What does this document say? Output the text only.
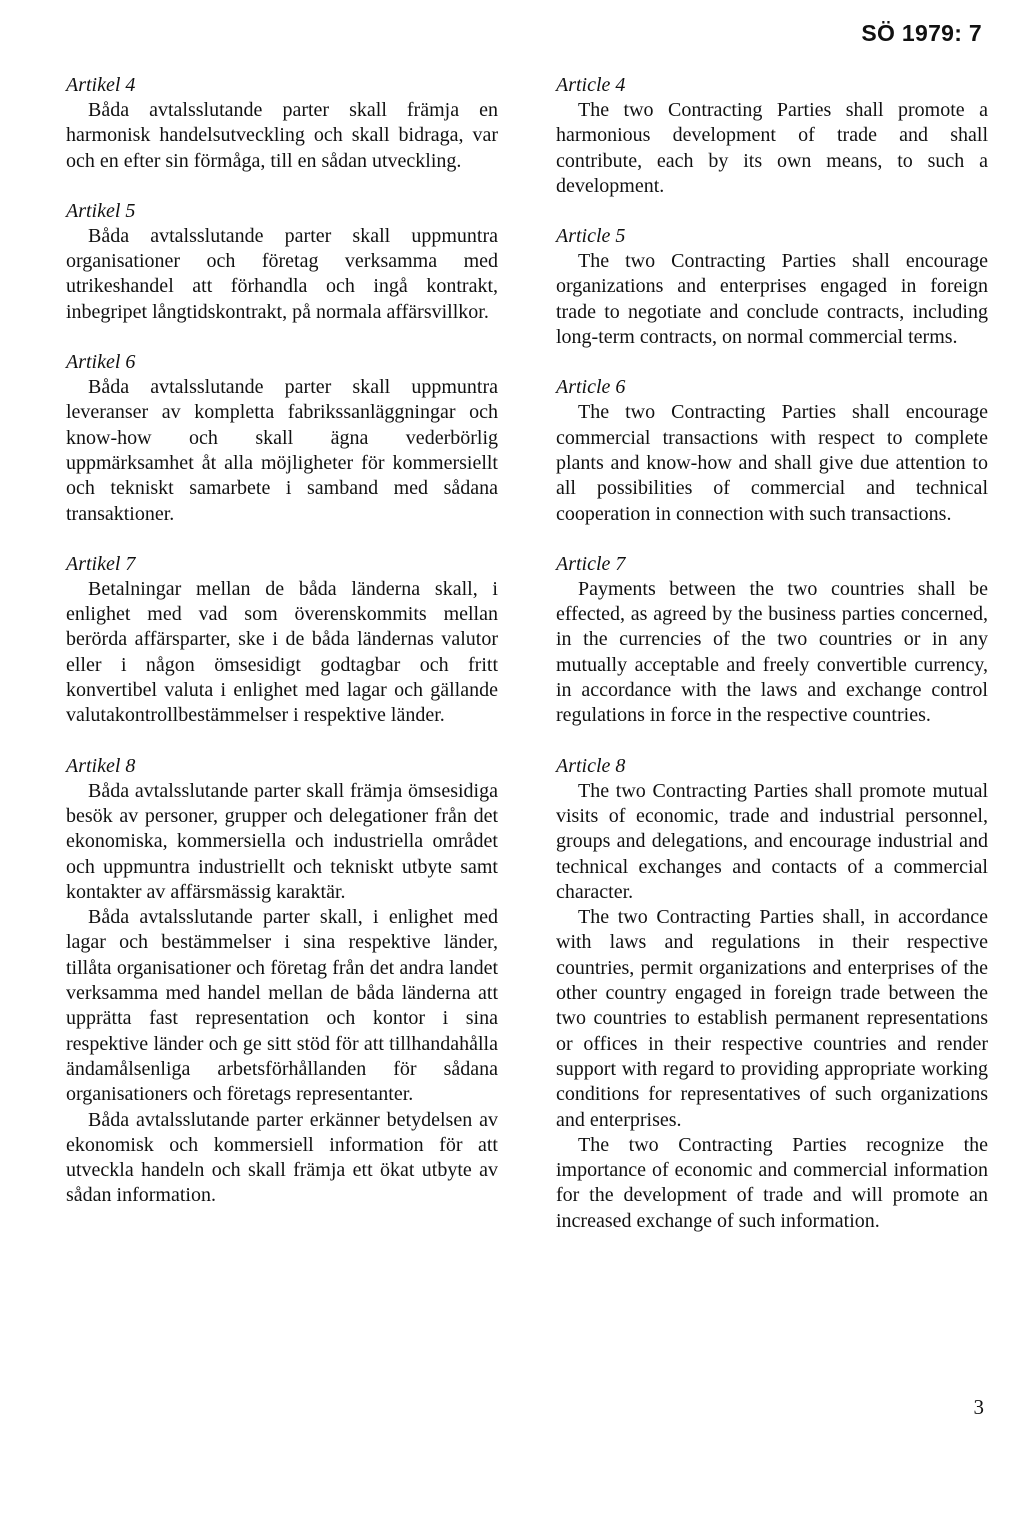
SÖ 1979: 7

Artikel 4

Båda avtalsslutande parter skall främja en harmonisk handelsutveckling och skall bidraga, var och en efter sin förmåga, till en sådan utveckling.

Artikel 5

Båda avtalsslutande parter skall uppmuntra organisationer och företag verksamma med utrikeshandel att förhandla och ingå kontrakt, inbegripet långtidskontrakt, på normala affärsvillkor.

Artikel 6

Båda avtalsslutande parter skall uppmuntra leveranser av kompletta fabrikssanläggningar och know-how och skall ägna vederbörlig uppmärksamhet åt alla möjligheter för kommersiellt och tekniskt samarbete i samband med sådana transaktioner.

Artikel 7

Betalningar mellan de båda länderna skall, i enlighet med vad som överenskommits mellan berörda affärsparter, ske i de båda ländernas valutor eller i någon ömsesidigt godtagbar och fritt konvertibel valuta i enlighet med lagar och gällande valutakontrollbestämmelser i respektive länder.

Artikel 8

Båda avtalsslutande parter skall främja ömsesidiga besök av personer, grupper och delegationer från det ekonomiska, kommersiella och industriella området och uppmuntra industriellt och tekniskt utbyte samt kontakter av affärsmässig karaktär.

Båda avtalsslutande parter skall, i enlighet med lagar och bestämmelser i sina respektive länder, tillåta organisationer och företag från det andra landet verksamma med handel mellan de båda länderna att upprätta fast representation och kontor i sina respektive länder och ge sitt stöd för att tillhandahålla ändamålsenliga arbetsförhållanden för sådana organisationers och företags representanter.

Båda avtalsslutande parter erkänner betydelsen av ekonomisk och kommersiell information för att utveckla handeln och skall främja ett ökat utbyte av sådan information.

Article 4

The two Contracting Parties shall promote a harmonious development of trade and shall contribute, each by its own means, to such a development.

Article 5

The two Contracting Parties shall encourage organizations and enterprises engaged in foreign trade to negotiate and conclude contracts, including long-term contracts, on normal commercial terms.

Article 6

The two Contracting Parties shall encourage commercial transactions with respect to complete plants and know-how and shall give due attention to all possibilities of commercial and technical cooperation in connection with such transactions.

Article 7

Payments between the two countries shall be effected, as agreed by the business parties concerned, in the currencies of the two countries or in any mutually acceptable and freely convertible currency, in accordance with the laws and exchange control regulations in force in the respective countries.

Article 8

The two Contracting Parties shall promote mutual visits of economic, trade and industrial personnel, groups and delegations, and encourage industrial and technical exchanges and contacts of a commercial character.

The two Contracting Parties shall, in accordance with laws and regulations in their respective countries, permit organizations and enterprises of the other country engaged in foreign trade between the two countries to establish permanent representations or offices in their respective countries and render support with regard to providing appropriate working conditions for representatives of such organizations and enterprises.

The two Contracting Parties recognize the importance of economic and commercial information for the development of trade and will promote an increased exchange of such information.

3
